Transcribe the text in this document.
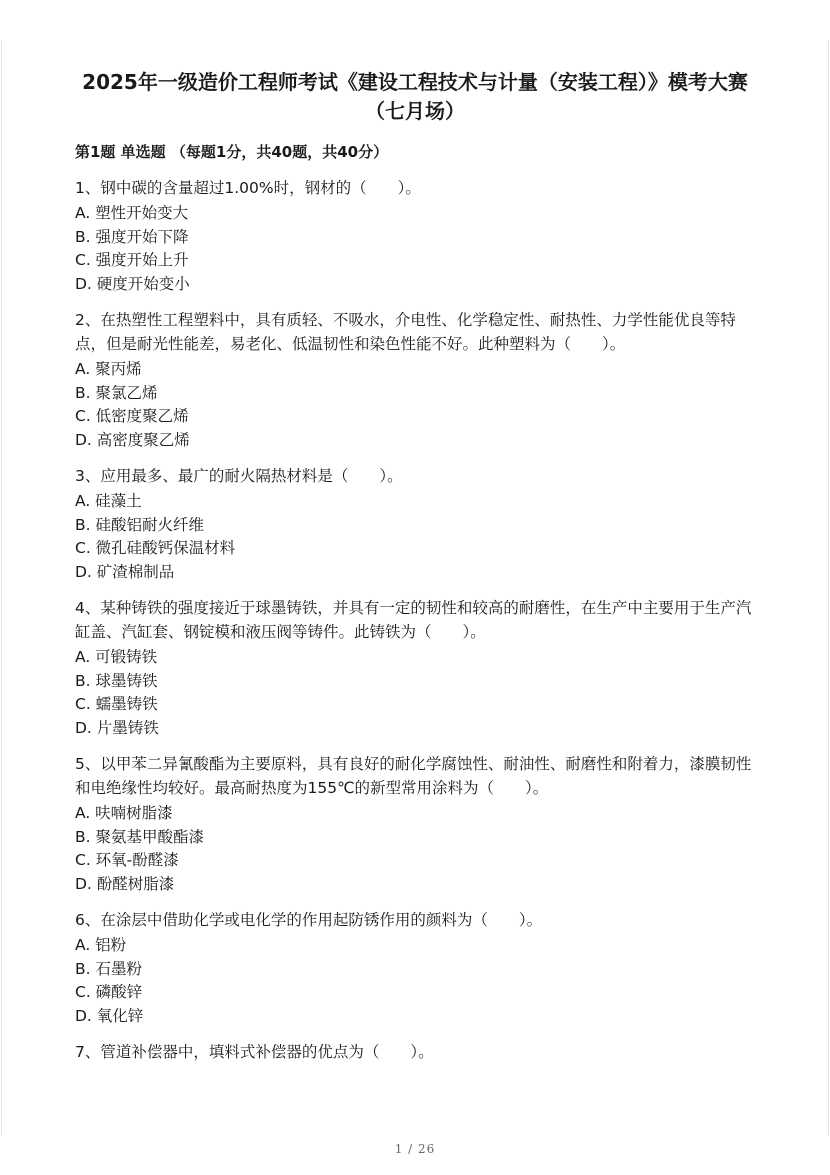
2025年一级造价工程师考试《建设工程技术与计量（安装工程）》模考大赛（七月场）
第1题 单选题 （每题1分，共40题，共40分）
1、钢中碳的含量超过1.00%时，钢材的（　　）。
A. 塑性开始变大
B. 强度开始下降
C. 强度开始上升
D. 硬度开始变小
2、在热塑性工程塑料中，具有质轻、不吸水，介电性、化学稳定性、耐热性、力学性能优良等特点，但是耐光性能差，易老化、低温韧性和染色性能不好。此种塑料为（　　）。
A. 聚丙烯
B. 聚氯乙烯
C. 低密度聚乙烯
D. 高密度聚乙烯
3、应用最多、最广的耐火隔热材料是（　　）。
A. 硅藻土
B. 硅酸铝耐火纤维
C. 微孔硅酸钙保温材料
D. 矿渣棉制品
4、某种铸铁的强度接近于球墨铸铁，并具有一定的韧性和较高的耐磨性，在生产中主要用于生产汽缸盖、汽缸套、钢锭模和液压阀等铸件。此铸铁为（　　）。
A. 可锻铸铁
B. 球墨铸铁
C. 蠕墨铸铁
D. 片墨铸铁
5、以甲苯二异氰酸酯为主要原料，具有良好的耐化学腐蚀性、耐油性、耐磨性和附着力，漆膜韧性和电绝缘性均较好。最高耐热度为155℃的新型常用涂料为（　　）。
A. 呋喃树脂漆
B. 聚氨基甲酸酯漆
C. 环氧-酚醛漆
D. 酚醛树脂漆
6、在涂层中借助化学或电化学的作用起防锈作用的颜料为（　　）。
A. 铝粉
B. 石墨粉
C. 磷酸锌
D. 氧化锌
7、管道补偿器中，填料式补偿器的优点为（　　）。
1 / 26
